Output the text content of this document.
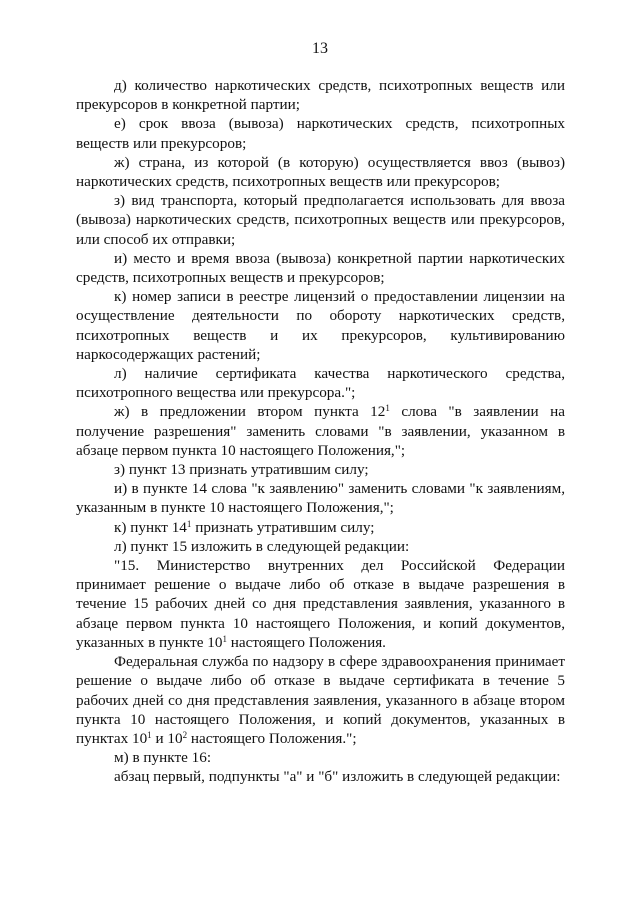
13

д) количество наркотических средств, психотропных веществ или прекурсоров в конкретной партии;

е) срок ввоза (вывоза) наркотических средств, психотропных веществ или прекурсоров;

ж) страна, из которой (в которую) осуществляется ввоз (вывоз) наркотических средств, психотропных веществ или прекурсоров;

з) вид транспорта, который предполагается использовать для ввоза (вывоза) наркотических средств, психотропных веществ или прекурсоров, или способ их отправки;

и) место и время ввоза (вывоза) конкретной партии наркотических средств, психотропных веществ и прекурсоров;

к) номер записи в реестре лицензий о предоставлении лицензии на осуществление деятельности по обороту наркотических средств, психотропных веществ и их прекурсоров, культивированию наркосодержащих растений;

л) наличие сертификата качества наркотического средства, психотропного вещества или прекурсора.";

ж) в предложении втором пункта $12^1$ слова "в заявлении на получение разрешения" заменить словами "в заявлении, указанном в абзаце первом пункта 10 настоящего Положения,";

з) пункт 13 признать утратившим силу;

и) в пункте 14 слова "к заявлению" заменить словами "к заявлениям, указанным в пункте 10 настоящего Положения,";

к) пункт $14^1$ признать утратившим силу;

л) пункт 15 изложить в следующей редакции:

"15. Министерство внутренних дел Российской Федерации принимает решение о выдаче либо об отказе в выдаче разрешения в течение 15 рабочих дней со дня представления заявления, указанного в абзаце первом пункта 10 настоящего Положения, и копий документов, указанных в пункте $10^1$ настоящего Положения.

Федеральная служба по надзору в сфере здравоохранения принимает решение о выдаче либо об отказе в выдаче сертификата в течение 5 рабочих дней со дня представления заявления, указанного в абзаце втором пункта 10 настоящего Положения, и копий документов, указанных в пунктах $10^1$ и $10^2$ настоящего Положения.";

м) в пункте 16:

абзац первый, подпункты "а" и "б" изложить в следующей редакции:
